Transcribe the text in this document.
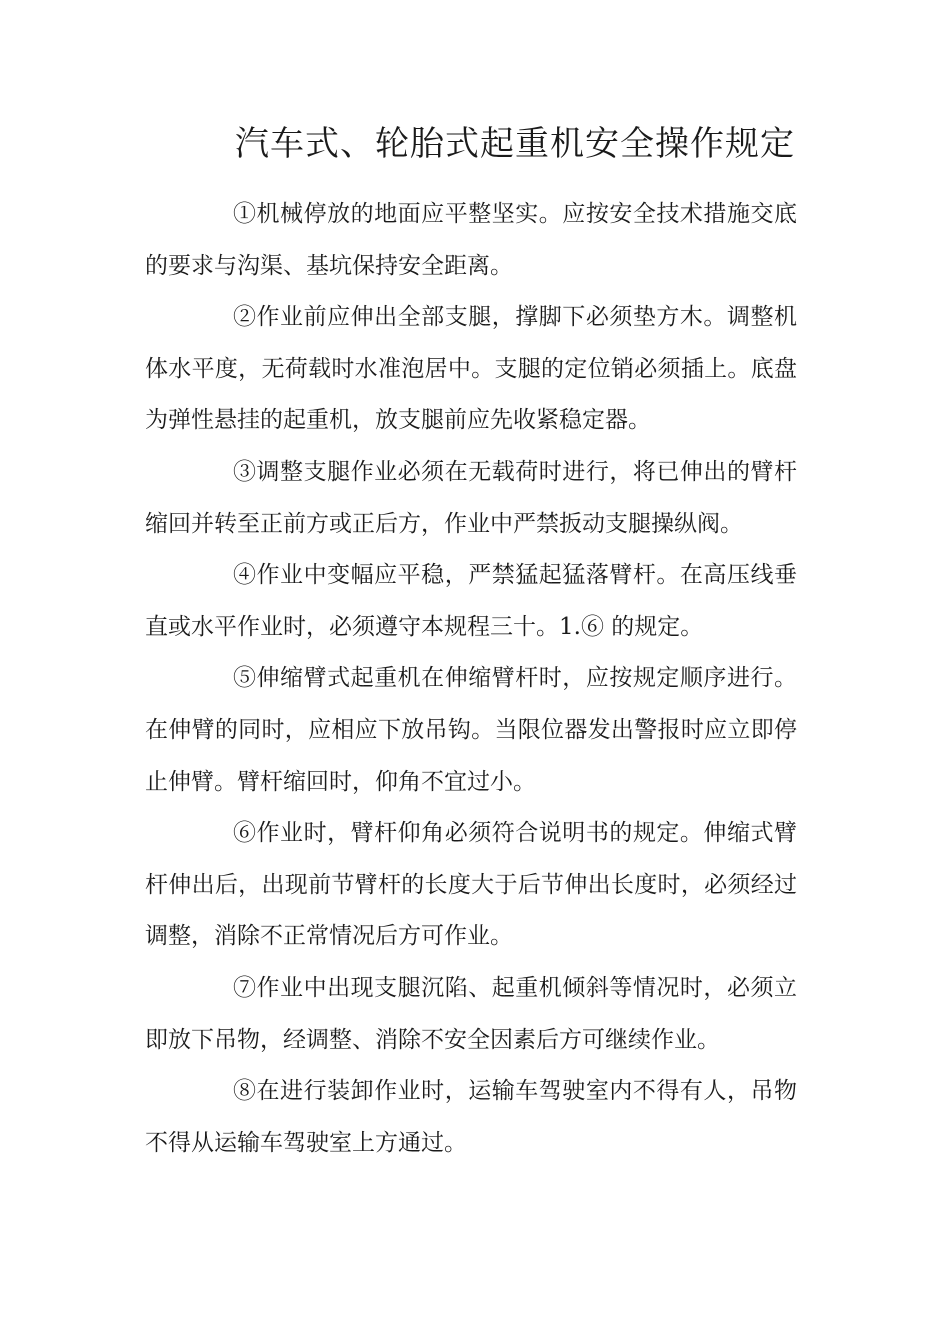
汽车式、轮胎式起重机安全操作规定

①机械停放的地面应平整坚实。应按安全技术措施交底的要求与沟渠、基坑保持安全距离。

②作业前应伸出全部支腿，撑脚下必须垫方木。调整机体水平度，无荷载时水准泡居中。支腿的定位销必须插上。底盘为弹性悬挂的起重机，放支腿前应先收紧稳定器。

③调整支腿作业必须在无载荷时进行，将已伸出的臂杆缩回并转至正前方或正后方，作业中严禁扳动支腿操纵阀。

④作业中变幅应平稳，严禁猛起猛落臂杆。在高压线垂直或水平作业时，必须遵守本规程三十。1.⑥ 的规定。

⑤伸缩臂式起重机在伸缩臂杆时，应按规定顺序进行。在伸臂的同时，应相应下放吊钩。当限位器发出警报时应立即停止伸臂。臂杆缩回时，仰角不宜过小。

⑥作业时，臂杆仰角必须符合说明书的规定。伸缩式臂杆伸出后，出现前节臂杆的长度大于后节伸出长度时，必须经过调整，消除不正常情况后方可作业。

⑦作业中出现支腿沉陷、起重机倾斜等情况时，必须立即放下吊物，经调整、消除不安全因素后方可继续作业。

⑧在进行装卸作业时，运输车驾驶室内不得有人，吊物不得从运输车驾驶室上方通过。
